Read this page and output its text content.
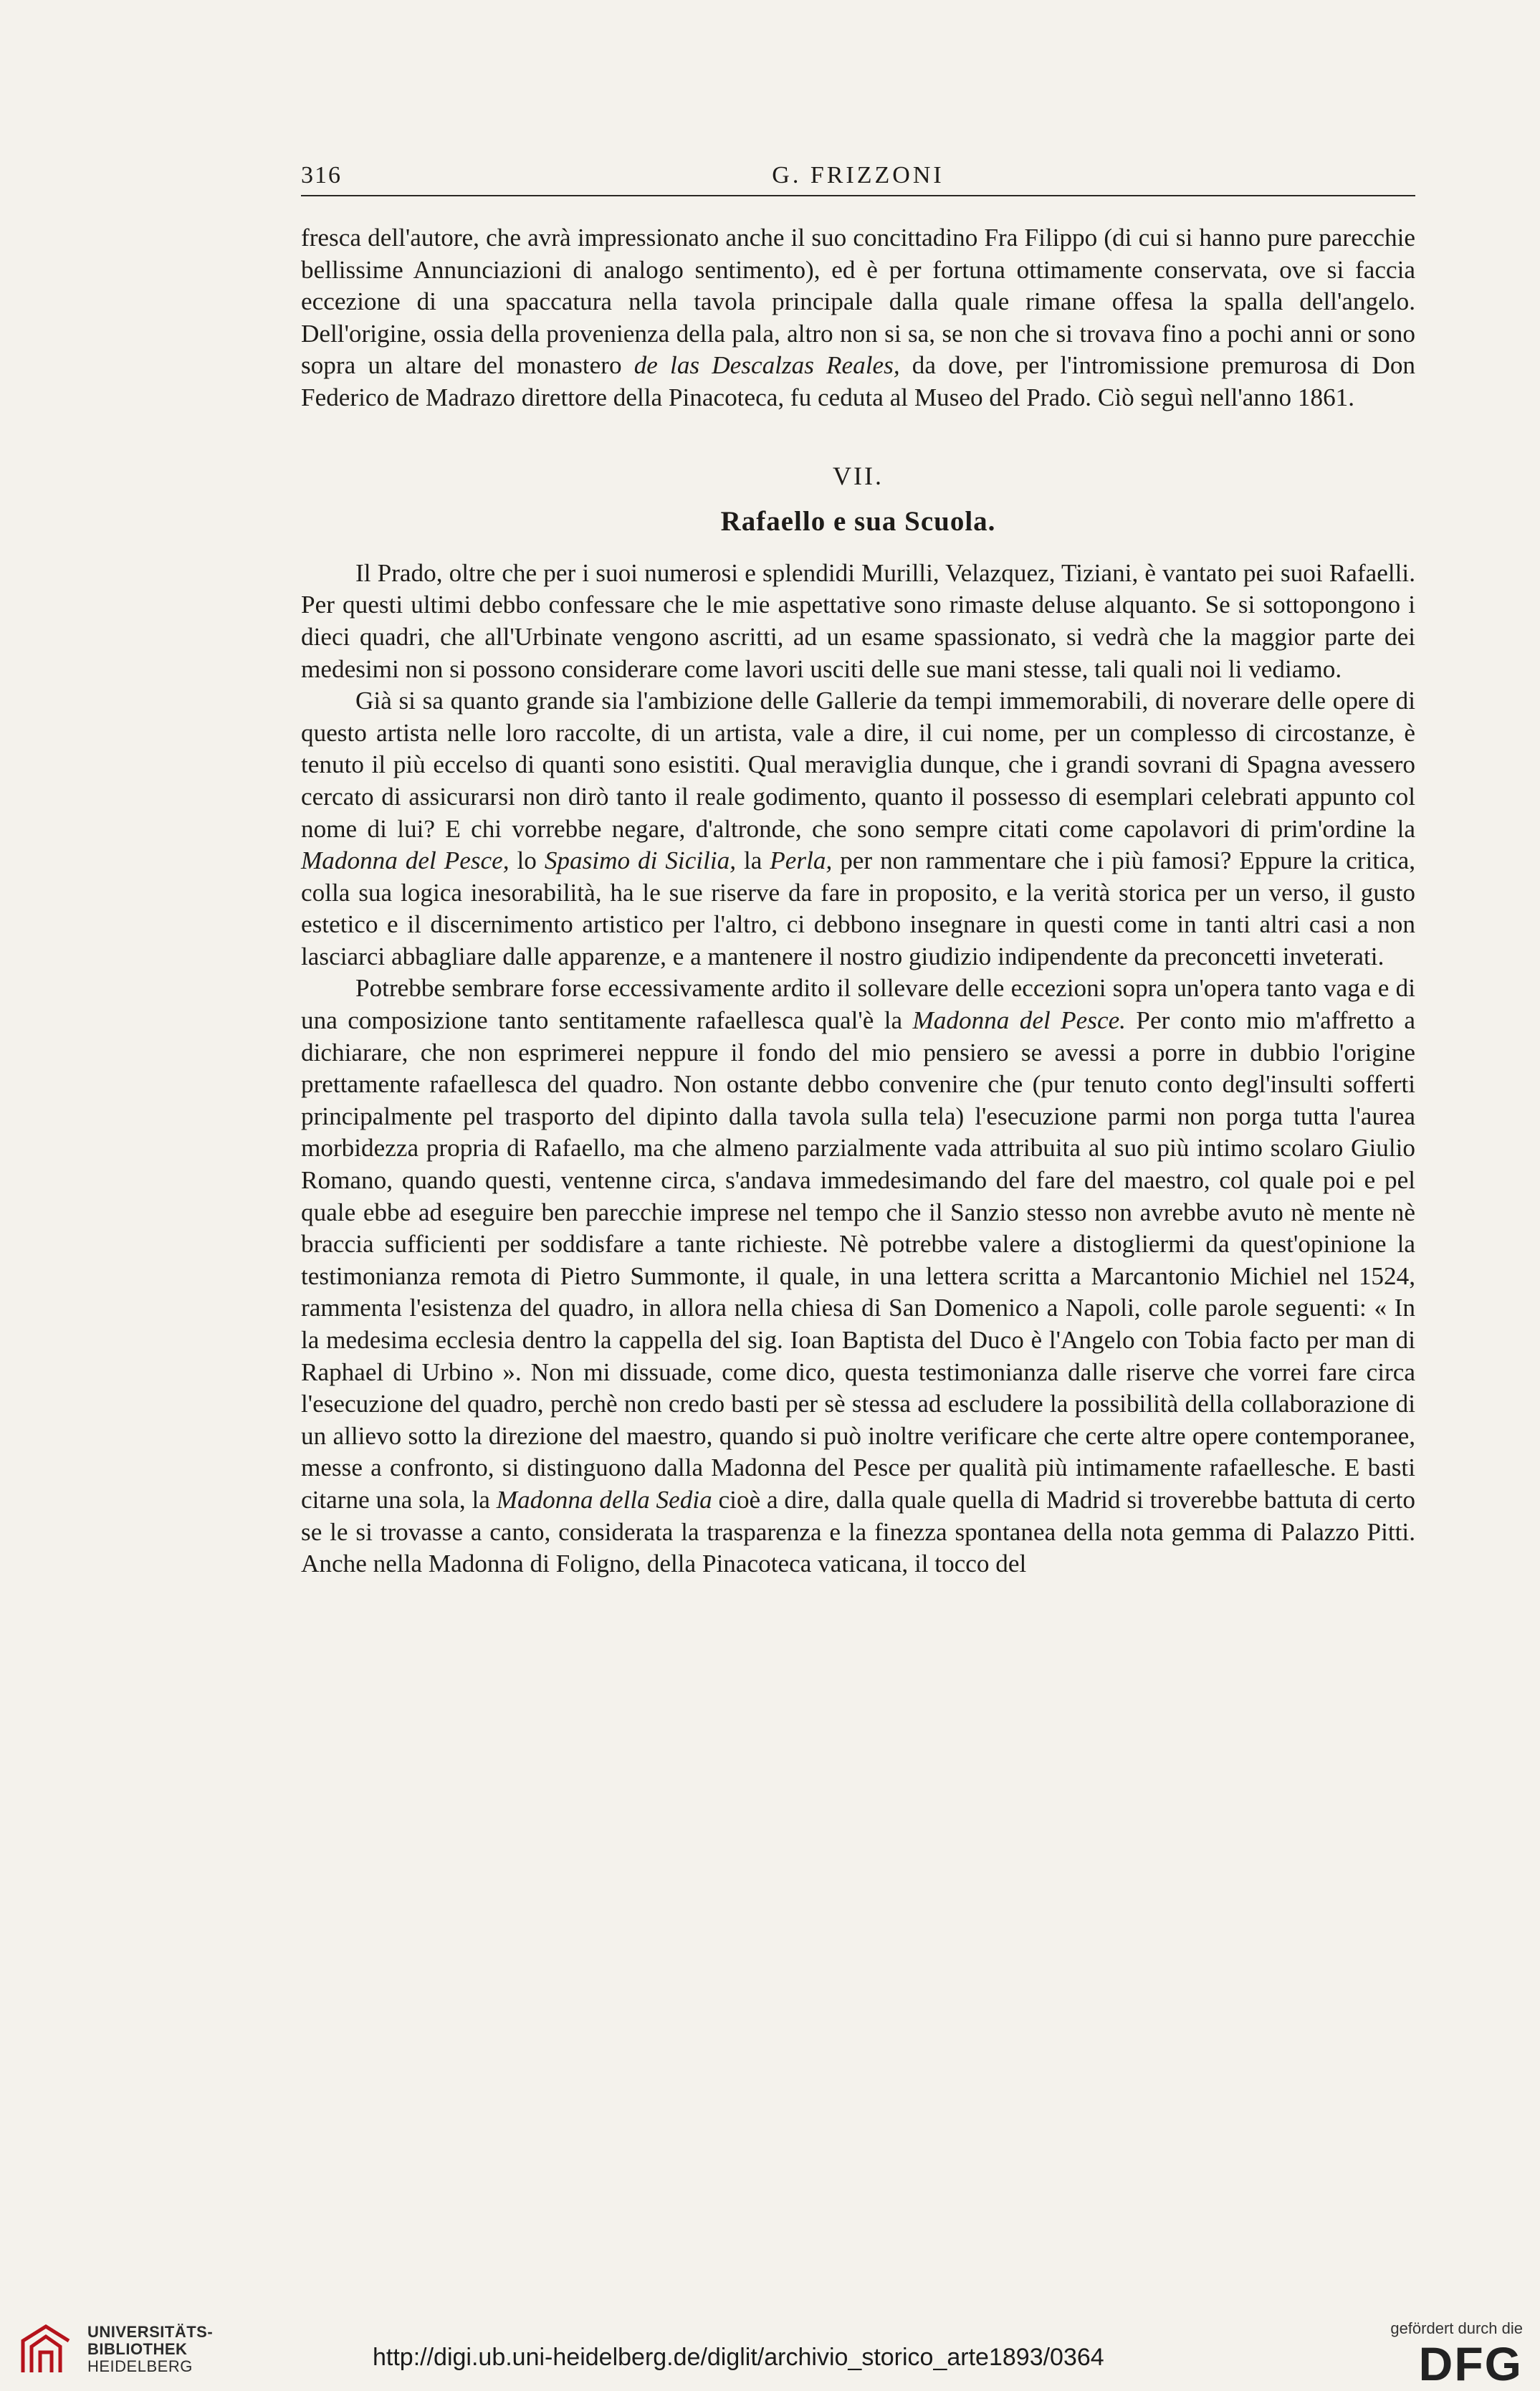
316	G. FRIZZONI

fresca dell'autore, che avrà impressionato anche il suo concittadino Fra Filippo (di cui si hanno pure parecchie bellissime Annunciazioni di analogo sentimento), ed è per fortuna ottimamente conservata, ove si faccia eccezione di una spaccatura nella tavola principale dalla quale rimane offesa la spalla dell'angelo. Dell'origine, ossia della provenienza della pala, altro non si sa, se non che si trovava fino a pochi anni or sono sopra un altare del monastero de las Descalzas Reales, da dove, per l'intromissione premurosa di Don Federico de Madrazo direttore della Pinacoteca, fu ceduta al Museo del Prado. Ciò seguì nell'anno 1861.

VII.
Rafaello e sua Scuola.

Il Prado, oltre che per i suoi numerosi e splendidi Murilli, Velazquez, Tiziani, è vantato pei suoi Rafaelli. Per questi ultimi debbo confessare che le mie aspettative sono rimaste deluse alquanto. Se si sottopongono i dieci quadri, che all'Urbinate vengono ascritti, ad un esame spassionato, si vedrà che la maggior parte dei medesimi non si possono considerare come lavori usciti delle sue mani stesse, tali quali noi li vediamo.

Già si sa quanto grande sia l'ambizione delle Gallerie da tempi immemorabili, di noverare delle opere di questo artista nelle loro raccolte, di un artista, vale a dire, il cui nome, per un complesso di circostanze, è tenuto il più eccelso di quanti sono esistiti. Qual meraviglia dunque, che i grandi sovrani di Spagna avessero cercato di assicurarsi non dirò tanto il reale godimento, quanto il possesso di esemplari celebrati appunto col nome di lui? E chi vorrebbe negare, d'altronde, che sono sempre citati come capolavori di prim'ordine la Madonna del Pesce, lo Spasimo di Sicilia, la Perla, per non rammentare che i più famosi? Eppure la critica, colla sua logica inesorabilità, ha le sue riserve da fare in proposito, e la verità storica per un verso, il gusto estetico e il discernimento artistico per l'altro, ci debbono insegnare in questi come in tanti altri casi a non lasciarci abbagliare dalle apparenze, e a mantenere il nostro giudizio indipendente da preconcetti inveterati.

Potrebbe sembrare forse eccessivamente ardito il sollevare delle eccezioni sopra un'opera tanto vaga e di una composizione tanto sentitamente rafaellesca qual'è la Madonna del Pesce. Per conto mio m'affretto a dichiarare, che non esprimerei neppure il fondo del mio pensiero se avessi a porre in dubbio l'origine prettamente rafaellesca del quadro. Non ostante debbo convenire che (pur tenuto conto degl'insulti sofferti principalmente pel trasporto del dipinto dalla tavola sulla tela) l'esecuzione parmi non porga tutta l'aurea morbidezza propria di Rafaello, ma che almeno parzialmente vada attribuita al suo più intimo scolaro Giulio Romano, quando questi, ventenne circa, s'andava immedesimando del fare del maestro, col quale poi e pel quale ebbe ad eseguire ben parecchie imprese nel tempo che il Sanzio stesso non avrebbe avuto nè mente nè braccia sufficienti per soddisfare a tante richieste. Nè potrebbe valere a distogliermi da quest'opinione la testimonianza remota di Pietro Summonte, il quale, in una lettera scritta a Marcantonio Michiel nel 1524, rammenta l'esistenza del quadro, in allora nella chiesa di San Domenico a Napoli, colle parole seguenti: « In la medesima ecclesia dentro la cappella del sig. Ioan Baptista del Duco è l'Angelo con Tobia facto per man di Raphael di Urbino ». Non mi dissuade, come dico, questa testimonianza dalle riserve che vorrei fare circa l'esecuzione del quadro, perchè non credo basti per sè stessa ad escludere la possibilità della collaborazione di un allievo sotto la direzione del maestro, quando si può inoltre verificare che certe altre opere contemporanee, messe a confronto, si distinguono dalla Madonna del Pesce per qualità più intimamente rafaellesche. E basti citarne una sola, la Madonna della Sedia cioè a dire, dalla quale quella di Madrid si troverebbe battuta di certo se le si trovasse a canto, considerata la trasparenza e la finezza spontanea della nota gemma di Palazzo Pitti. Anche nella Madonna di Foligno, della Pinacoteca vaticana, il tocco del

UNIVERSITÄTS-
BIBLIOTHEK
HEIDELBERG	http://digi.ub.uni-heidelberg.de/diglit/archivio_storico_arte1893/0364
gefördert durch die
DFG
